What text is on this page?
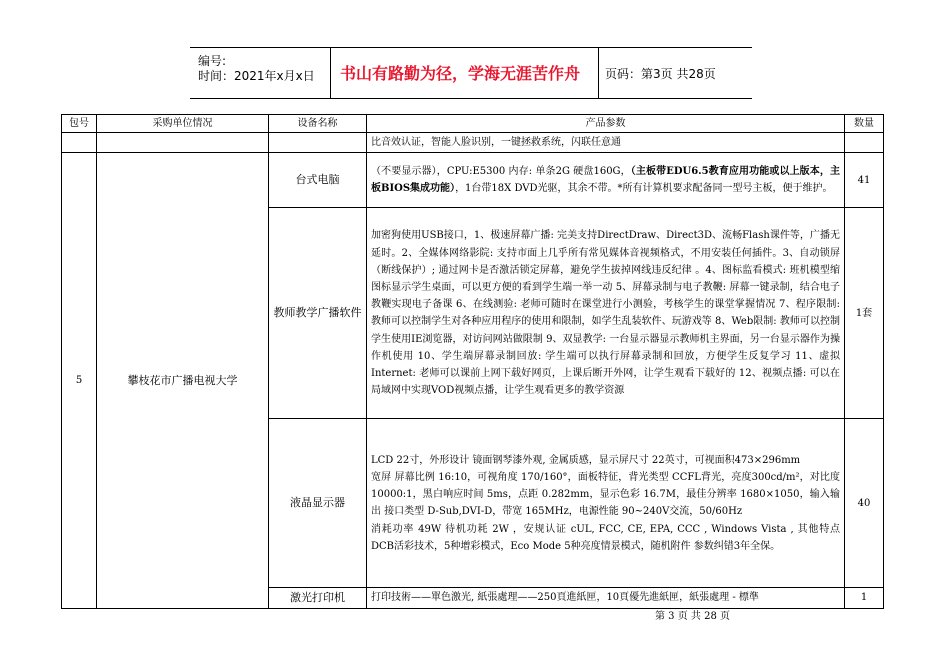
编号:
时间：2021年x月x日 书山有路勤为径，学海无涯苦作舟 页码：第3页 共28页
包号	采购单位情况	设备名称	产品参数	数量
			比音效认证，智能人脸识别，一键拯救系统，闪联任意通	
5	攀枝花市广播电视大学	台式电脑	（不要显示器），CPU:E5300 内存: 单条2G 硬盘160G，（主板带EDU6.5教育应用功能或以上版本，主板BIOS集成功能），1台带18X DVD光驱，其余不带。*所有计算机要求配备同一型号主板，便于维护。	41
		教师教学广播软件	加密狗使用USB接口，1、极速屏幕广播: 完美支持DirectDraw、Direct3D、流畅Flash课件等，广播无延时。2、全媒体网络影院: 支持市面上几乎所有常见媒体音视频格式，不用安装任何插件。3、自动锁屏（断线保护）; 通过网卡是否激活锁定屏幕，避免学生拔掉网线违反纪律 。4、图标监看模式: 班机模型缩图标显示学生桌面，可以更方便的看到学生端一举一动 5、屏幕录制与电子教鞭: 屏幕一键录制，结合电子教鞭实现电子备课 6、在线测验: 老师可随时在课堂进行小测验，考核学生的课堂掌握情况 7、程序限制: 教师可以控制学生对各种应用程序的使用和限制，如学生乱装软件、玩游戏等 8、Web限制: 教师可以控制学生使用IE浏览器，对访问网站做限制 9、双显教学: 一台显示器显示教师机主界面，另一台显示器作为操作机使用 10、学生端屏幕录制回放: 学生端可以执行屏幕录制和回放，方便学生反复学习 11、虚拟Internet: 老师可以课前上网下载好网页，上课后断开外网，让学生观看下载好的 12、视频点播: 可以在局域网中实现VOD视频点播，让学生观看更多的教学资源	1套
		液晶显示器	LCD 22寸，外形设计 镜面钢琴漆外观, 金属质感，显示屏尺寸 22英寸，可视面积473×296mm
宽屏 屏幕比例 16:10，可视角度 170/160°，面板特征，背光类型 CCFL背光，亮度300cd/m²，对比度 10000:1，黑白响应时间 5ms，点距 0.282mm，显示色彩 16.7M，最佳分辨率 1680×1050，输入输出 接口类型 D-Sub,DVI-D，带宽 165MHz，电源性能 90~240V交流，50/60Hz
消耗功率 49W 待机功耗 2W ，安规认证 cUL, FCC, CE, EPA, CCC , Windows Vista , 其他特点 DCB活彩技术，5种增彩模式，Eco Mode 5种亮度情景模式，随机附件 参数纠错3年全保。	40
		激光打印机	打印技術——單色激光, 紙張處理——250頁進紙匣，10頁優先進紙匣，紙張處理 - 標準	1
第 3 页 共 28 页
